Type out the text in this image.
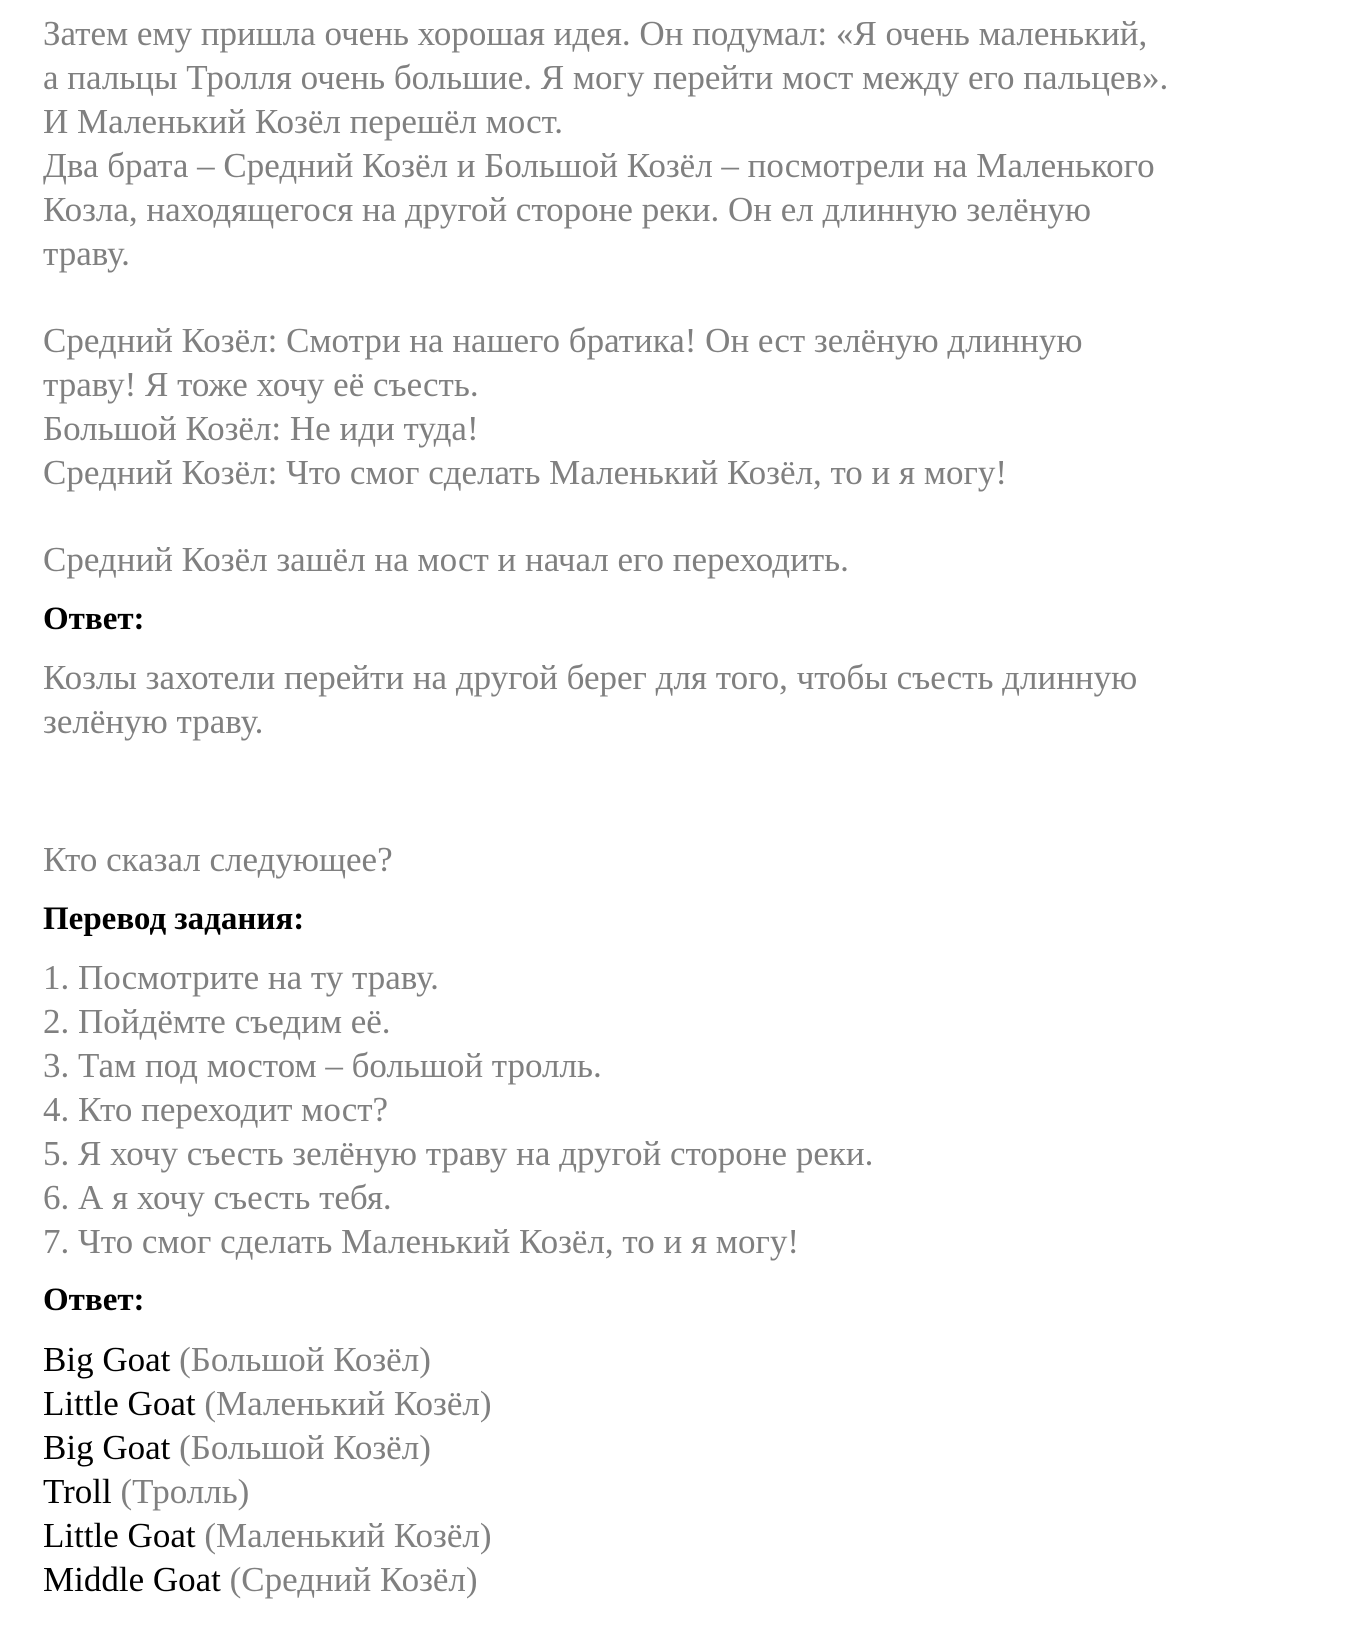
Затем ему пришла очень хорошая идея. Он подумал: «Я очень маленький,

а пальцы Тролля очень большие. Я могу перейти мост между его пальцев».

И Маленький Козёл перешёл мост.

Два брата – Средний Козёл и Большой Козёл – посмотрели на Маленького

Козла, находящегося на другой стороне реки. Он ел длинную зелёную

траву.

Средний Козёл: Смотри на нашего братика! Он ест зелёную длинную

траву! Я тоже хочу её съесть.

Большой Козёл: Не иди туда!

Средний Козёл: Что смог сделать Маленький Козёл, то и я могу!

Средний Козёл зашёл на мост и начал его переходить.

Ответ:

Козлы захотели перейти на другой берег для того, чтобы съесть длинную

зелёную траву.

Кто сказал следующее?

Перевод задания:

1. Посмотрите на ту траву.

2. Пойдёмте съедим её.

3. Там под мостом – большой тролль.

4. Кто переходит мост?

5. Я хочу съесть зелёную траву на другой стороне реки.

6. А я хочу съесть тебя.

7. Что смог сделать Маленький Козёл, то и я могу!

Ответ:

Big Goat (Большой Козёл)

Little Goat (Маленький Козёл)

Big Goat (Большой Козёл)

Troll (Тролль)

Little Goat (Маленький Козёл)

Middle Goat (Средний Козёл)
